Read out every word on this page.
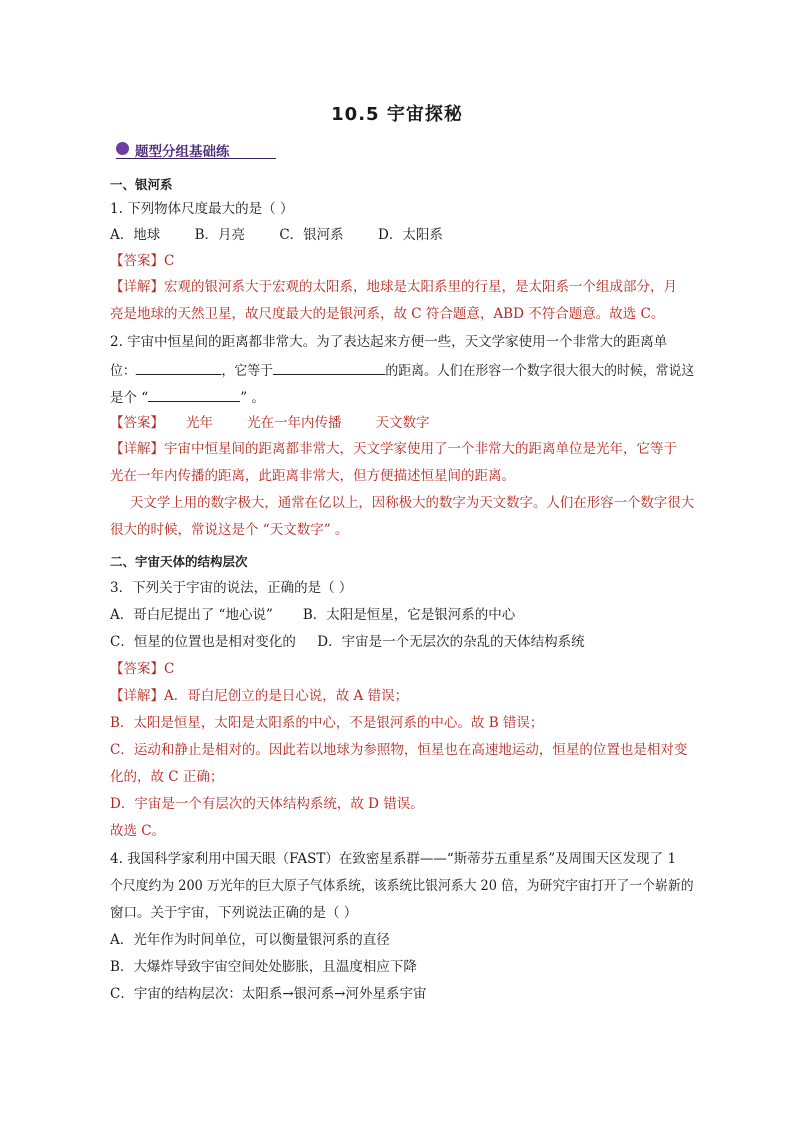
10.5 宇宙探秘
题型分组基础练
一、银河系
1. 下列物体尺度最大的是（ ）
A．地球        B．月亮        C．银河系        D．太阳系
【答案】C
【详解】宏观的银河系大于宏观的太阳系，地球是太阳系里的行星，是太阳系一个组成部分，月
亮是地球的天然卫星，故尺度最大的是银河系，故 C 符合题意，ABD 不符合题意。故选 C。
2. 宇宙中恒星间的距离都非常大。为了表达起来方便一些，天文学家使用一个非常大的距离单
位：	，它等于	的距离。人们在形容一个数字很大很大的时候，常说这
是个 “	” 。
【答案】 光年	光在一年内传播	天文数字
【详解】宇宙中恒星间的距离都非常大，天文学家使用了一个非常大的距离单位是光年，它等于
光在一年内传播的距离，此距离非常大，但方便描述恒星间的距离。
天文学上用的数字极大，通常在亿以上，因称极大的数字为天文数字。人们在形容一个数字很大
很大的时候，常说这是个 “天文数字” 。
二、宇宙天体的结构层次
3．下列关于宇宙的说法，正确的是（ ）
A．哥白尼提出了 “地心说”       B．太阳是恒星，它是银河系的中心
C．恒星的位置也是相对变化的     D．宇宙是一个无层次的杂乱的天体结构系统
【答案】C
【详解】A．哥白尼创立的是日心说，故 A 错误；
B．太阳是恒星，太阳是太阳系的中心，不是银河系的中心。故 B 错误；
C．运动和静止是相对的。因此若以地球为参照物，恒星也在高速地运动，恒星的位置也是相对变
化的，故 C 正确；
D．宇宙是一个有层次的天体结构系统，故 D 错误。
故选 C。
4. 我国科学家利用中国天眼（FAST）在致密星系群——“斯蒂芬五重星系”及周围天区发现了 1
个尺度约为 200 万光年的巨大原子气体系统，该系统比银河系大 20 倍，为研究宇宙打开了一个崭新的
窗口。关于宇宙，下列说法正确的是（ ）
A．光年作为时间单位，可以衡量银河系的直径
B．大爆炸导致宇宙空间处处膨胀，且温度相应下降
C．宇宙的结构层次：太阳系→银河系→河外星系宇宙
